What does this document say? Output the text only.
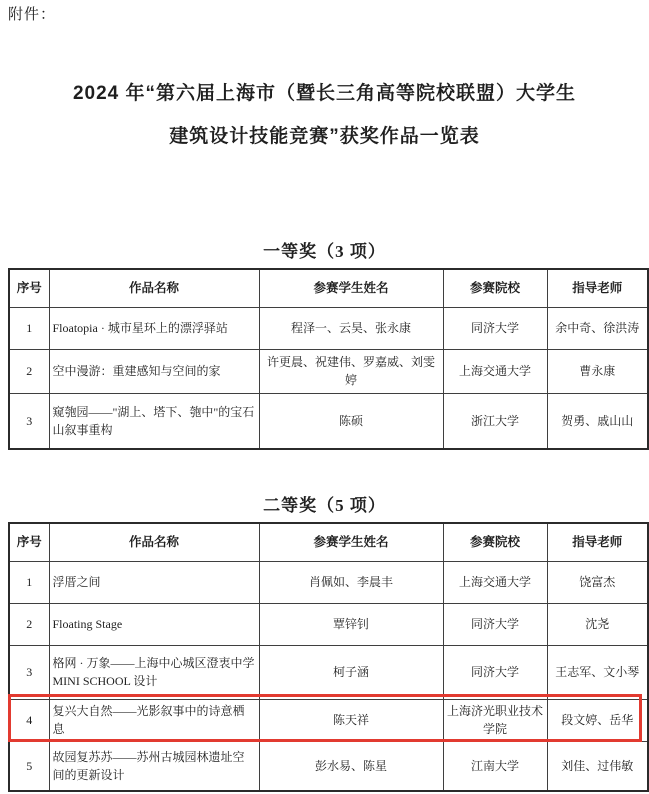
附件：
2024 年“第六届上海市（暨长三角高等院校联盟）大学生
建筑设计技能竞赛”获奖作品一览表
一等奖（3 项）
序号	作品名称	参赛学生姓名	参赛院校	指导老师
1	Floatopia · 城市星环上的漂浮驿站	程泽一、云昊、张永康	同济大学	余中奇、徐洪涛
2	空中漫游：重建感知与空间的家	许更晨、祝建伟、罗嘉威、刘雯婷	上海交通大学	曹永康
3	窥匏园——"湖上、塔下、匏中"的宝石山叙事重构	陈硕	浙江大学	贺勇、戚山山
二等奖（5 项）
序号	作品名称	参赛学生姓名	参赛院校	指导老师
1	浮厝之间	肖佩如、李晨丰	上海交通大学	饶富杰
2	Floating Stage	覃锌钊	同济大学	沈尧
3	格网 · 万象——上海中心城区澄衷中学 MINI SCHOOL 设计	柯子涵	同济大学	王志军、文小琴
4	复兴大自然——光影叙事中的诗意栖息	陈天祥	上海济光职业技术学院	段文婷、岳华
5	故园复苏苏——苏州古城园林遗址空间的更新设计	彭水易、陈星	江南大学	刘佳、过伟敏
